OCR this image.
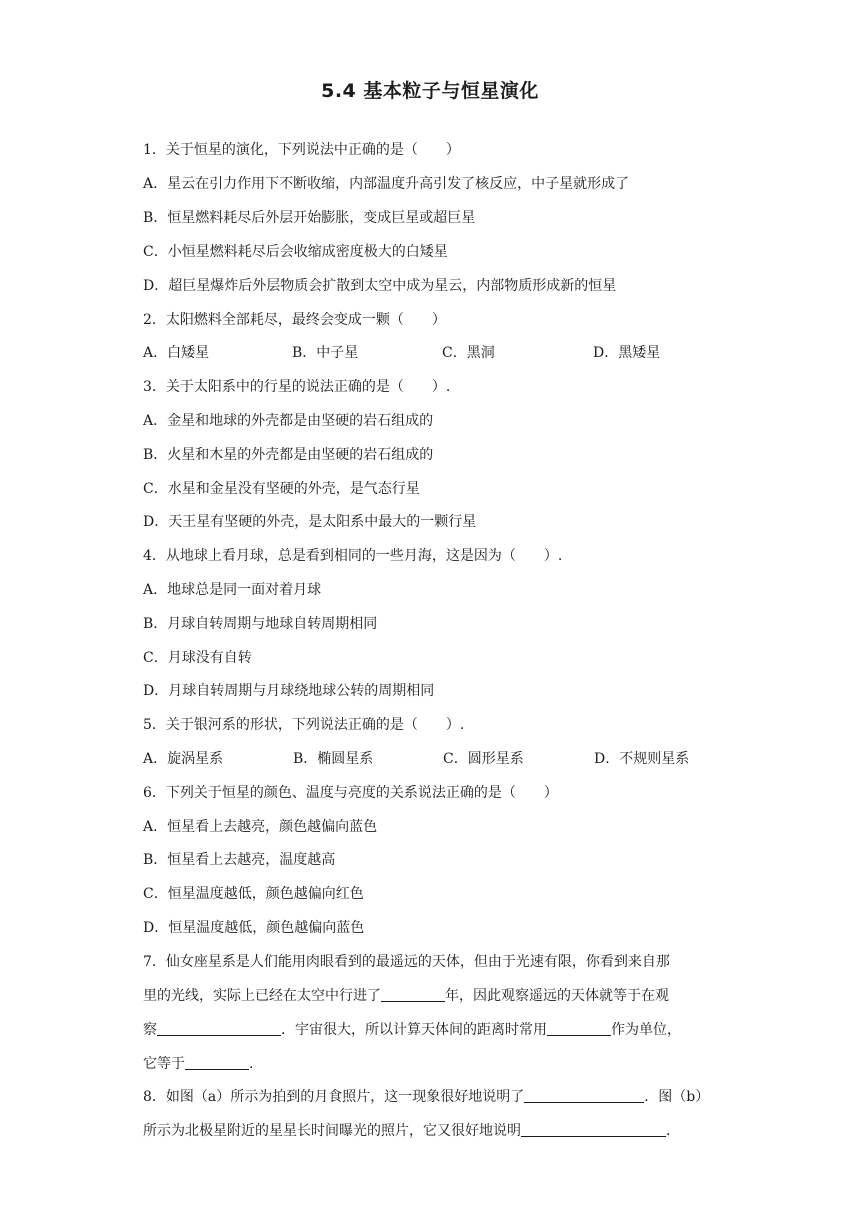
5.4 基本粒子与恒星演化
1．关于恒星的演化，下列说法中正确的是（　　）
A．星云在引力作用下不断收缩，内部温度升高引发了核反应，中子星就形成了
B．恒星燃料耗尽后外层开始膨胀，变成巨星或超巨星
C．小恒星燃料耗尽后会收缩成密度极大的白矮星
D．超巨星爆炸后外层物质会扩散到太空中成为星云，内部物质形成新的恒星
2．太阳燃料全部耗尽，最终会变成一颗（　　）
A．白矮星	B．中子星	C．黑洞	D．黑矮星
3．关于太阳系中的行星的说法正确的是（　　）.
A．金星和地球的外壳都是由坚硬的岩石组成的
B．火星和木星的外壳都是由坚硬的岩石组成的
C．水星和金星没有坚硬的外壳，是气态行星
D．天王星有坚硬的外壳，是太阳系中最大的一颗行星
4．从地球上看月球，总是看到相同的一些月海，这是因为（　　）.
A．地球总是同一面对着月球
B．月球自转周期与地球自转周期相同
C．月球没有自转
D．月球自转周期与月球绕地球公转的周期相同
5．关于银河系的形状，下列说法正确的是（　　）.
A．旋涡星系	B．椭圆星系	C．圆形星系	D．不规则星系
6．下列关于恒星的颜色、温度与亮度的关系说法正确的是（　　）
A．恒星看上去越亮，颜色越偏向蓝色
B．恒星看上去越亮，温度越高
C．恒星温度越低，颜色越偏向红色
D．恒星温度越低，颜色越偏向蓝色
7．仙女座星系是人们能用肉眼看到的最遥远的天体，但由于光速有限，你看到来自那
里的光线，实际上已经在太空中行进了	年，因此观察遥远的天体就等于在观
察	．宇宙很大，所以计算天体间的距离时常用	作为单位，
它等于	.
8．如图（a）所示为拍到的月食照片，这一现象很好地说明了	．图（b）
所示为北极星附近的星星长时间曝光的照片，它又很好地说明	.
